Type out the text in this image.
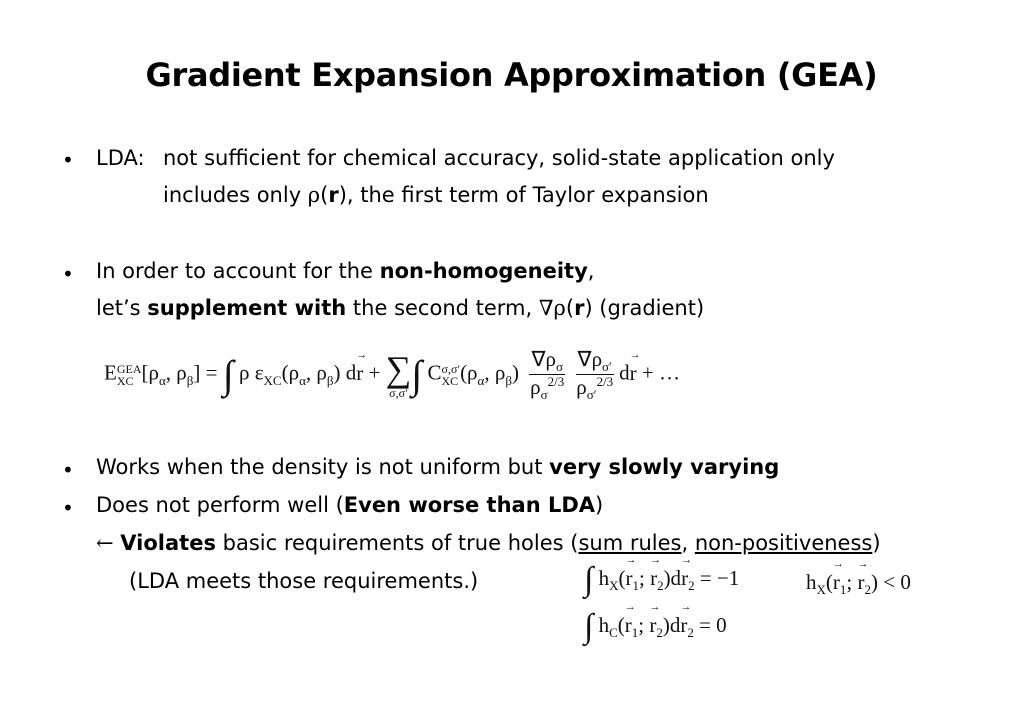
Gradient Expansion Approximation (GEA)
• LDA: not sufficient for chemical accuracy, solid-state application only
includes only ρ(r), the first term of Taylor expansion
• In order to account for the non-homogeneity,
let’s supplement with the second term, ∇ρ(r) (gradient)
E GEA
XC [$\rho_\alpha$, $\rho_\beta$] = ∫ ρ $\varepsilon_{XC}(\rho_\alpha$, $\rho_\beta$) d→ r + ∑
σ,σ′ ∫ C σ,σ′
XC ($\rho_\alpha$, $\rho_\beta) \frac{\nabla\rho_\sigma}{\rho_\sigma^{2/3}}$
$\frac{\nabla\rho_{\sigma'}}{\rho_{\sigma'}^{2/3}} d\to r$ + …
• Works when the density is not uniform but very slowly varying
• Does not perform well (Even worse than LDA)
← Violates basic requirements of true holes (sum rules, non-positiveness)
(LDA meets those requirements.)	∫ $h_X(\to r_1$; → $r_2)d\to r_2 = -1$	$h_X(\to r_1$; → $r_2) < 0$
∫ $h_C(\to r_1$; → $r_2)d\to r_2 = 0$
